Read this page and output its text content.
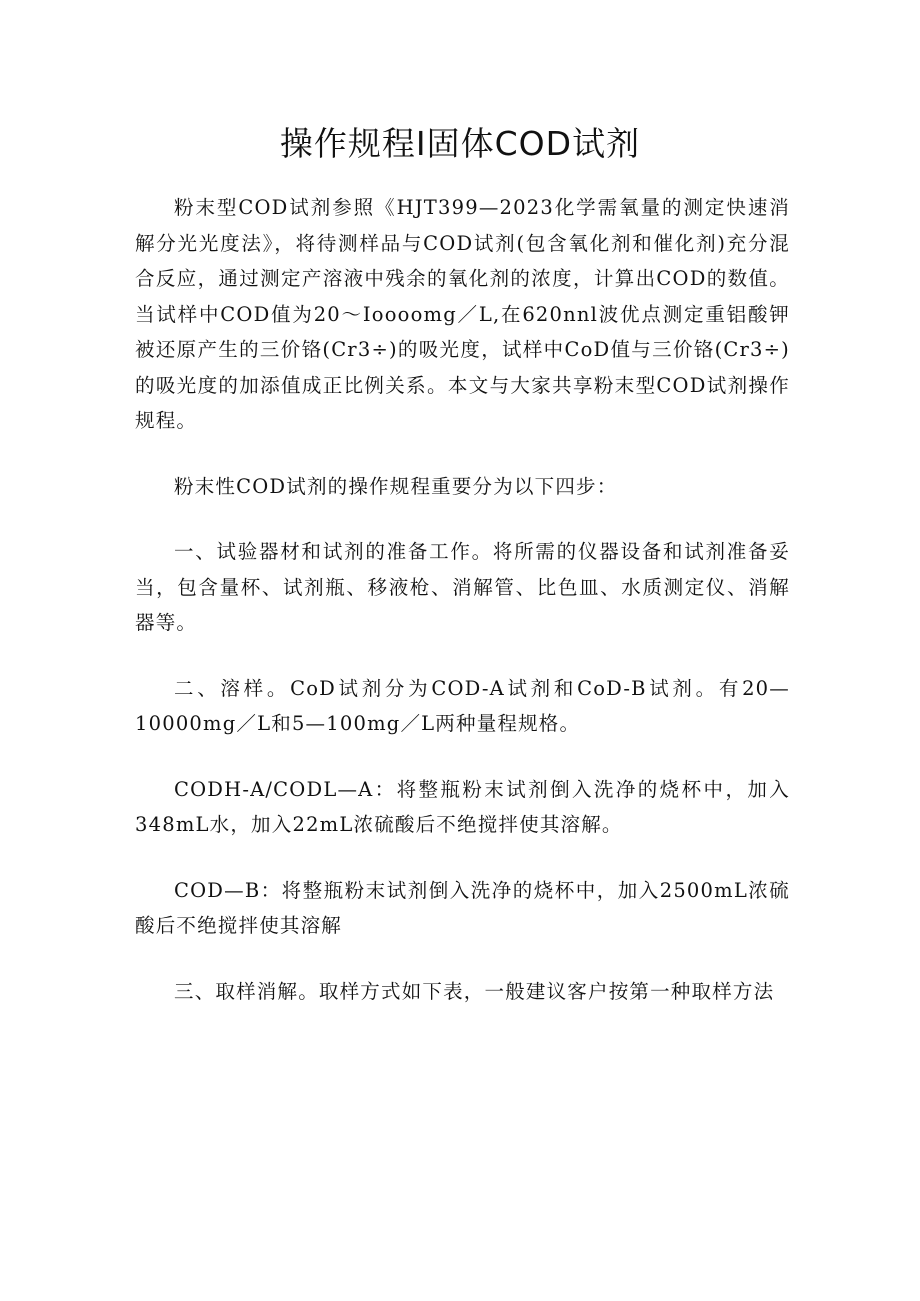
操作规程I固体COD试剂

粉末型COD试剂参照《HJT399—2023化学需氧量的测定快速消解分光光度法》，将待测样品与COD试剂(包含氧化剂和催化剂)充分混合反应，通过测定产溶液中残余的氧化剂的浓度，计算出COD的数值。当试样中COD值为20～Ioooomg／L,在620nnl波优点测定重铝酸钾被还原产生的三价铬(Cr3÷)的吸光度，试样中CoD值与三价铬(Cr3÷)的吸光度的加添值成正比例关系。本文与大家共享粉末型COD试剂操作规程。

粉末性COD试剂的操作规程重要分为以下四步：

一、试验器材和试剂的准备工作。将所需的仪器设备和试剂准备妥当，包含量杯、试剂瓶、移液枪、消解管、比色皿、水质测定仪、消解器等。

二、溶样。CoD试剂分为COD-A试剂和CoD-B试剂。有20—10000mg／L和5—100mg／L两种量程规格。

CODH-A/CODL—A：将整瓶粉末试剂倒入洗净的烧杯中，加入348mL水，加入22mL浓硫酸后不绝搅拌使其溶解。

COD—B：将整瓶粉末试剂倒入洗净的烧杯中，加入2500mL浓硫酸后不绝搅拌使其溶解

三、取样消解。取样方式如下表，一般建议客户按第一种取样方法
